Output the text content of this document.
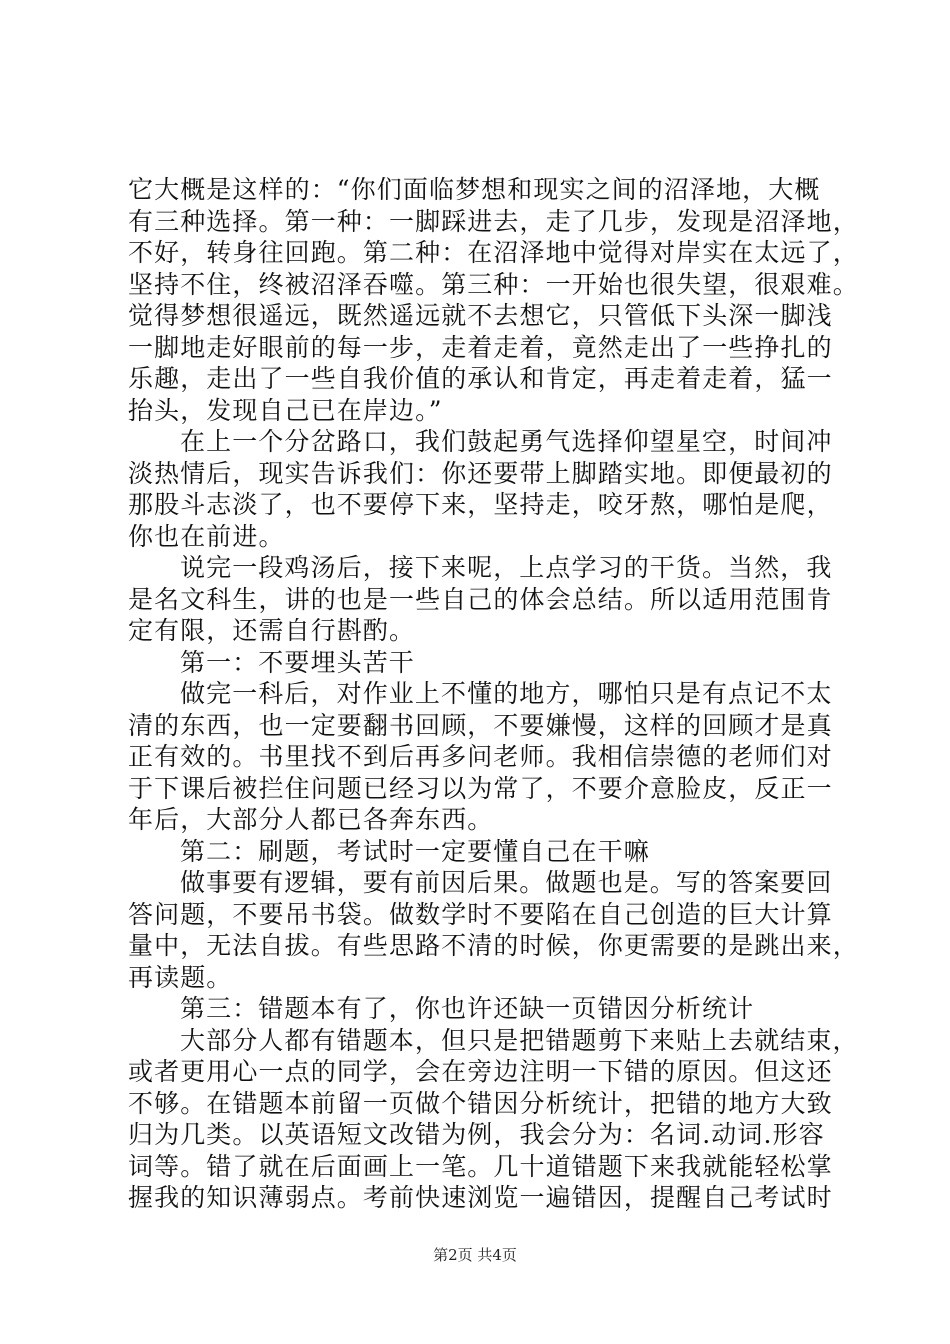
它大概是这样的：“你们面临梦想和现实之间的沼泽地，大概
有三种选择。第一种：一脚踩进去，走了几步，发现是沼泽地，
不好，转身往回跑。第二种：在沼泽地中觉得对岸实在太远了，
坚持不住，终被沼泽吞噬。第三种：一开始也很失望，很艰难。
觉得梦想很遥远，既然遥远就不去想它，只管低下头深一脚浅
一脚地走好眼前的每一步，走着走着，竟然走出了一些挣扎的
乐趣，走出了一些自我价值的承认和肯定，再走着走着，猛一
抬头，发现自己已在岸边。”
在上一个分岔路口，我们鼓起勇气选择仰望星空，时间冲
淡热情后，现实告诉我们：你还要带上脚踏实地。即便最初的
那股斗志淡了，也不要停下来，坚持走，咬牙熬，哪怕是爬，
你也在前进。
说完一段鸡汤后，接下来呢，上点学习的干货。当然，我
是名文科生，讲的也是一些自己的体会总结。所以适用范围肯
定有限，还需自行斟酌。
第一：不要埋头苦干
做完一科后，对作业上不懂的地方，哪怕只是有点记不太
清的东西，也一定要翻书回顾，不要嫌慢，这样的回顾才是真
正有效的。书里找不到后再多问老师。我相信崇德的老师们对
于下课后被拦住问题已经习以为常了，不要介意脸皮，反正一
年后，大部分人都已各奔东西。
第二：刷题，考试时一定要懂自己在干嘛
做事要有逻辑，要有前因后果。做题也是。写的答案要回
答问题，不要吊书袋。做数学时不要陷在自己创造的巨大计算
量中，无法自拔。有些思路不清的时候，你更需要的是跳出来，
再读题。
第三：错题本有了，你也许还缺一页错因分析统计
大部分人都有错题本，但只是把错题剪下来贴上去就结束，
或者更用心一点的同学，会在旁边注明一下错的原因。但这还
不够。在错题本前留一页做个错因分析统计，把错的地方大致
归为几类。以英语短文改错为例，我会分为：名词.动词.形容
词等。错了就在后面画上一笔。几十道错题下来我就能轻松掌
握我的知识薄弱点。考前快速浏览一遍错因，提醒自己考试时
第2页 共4页
